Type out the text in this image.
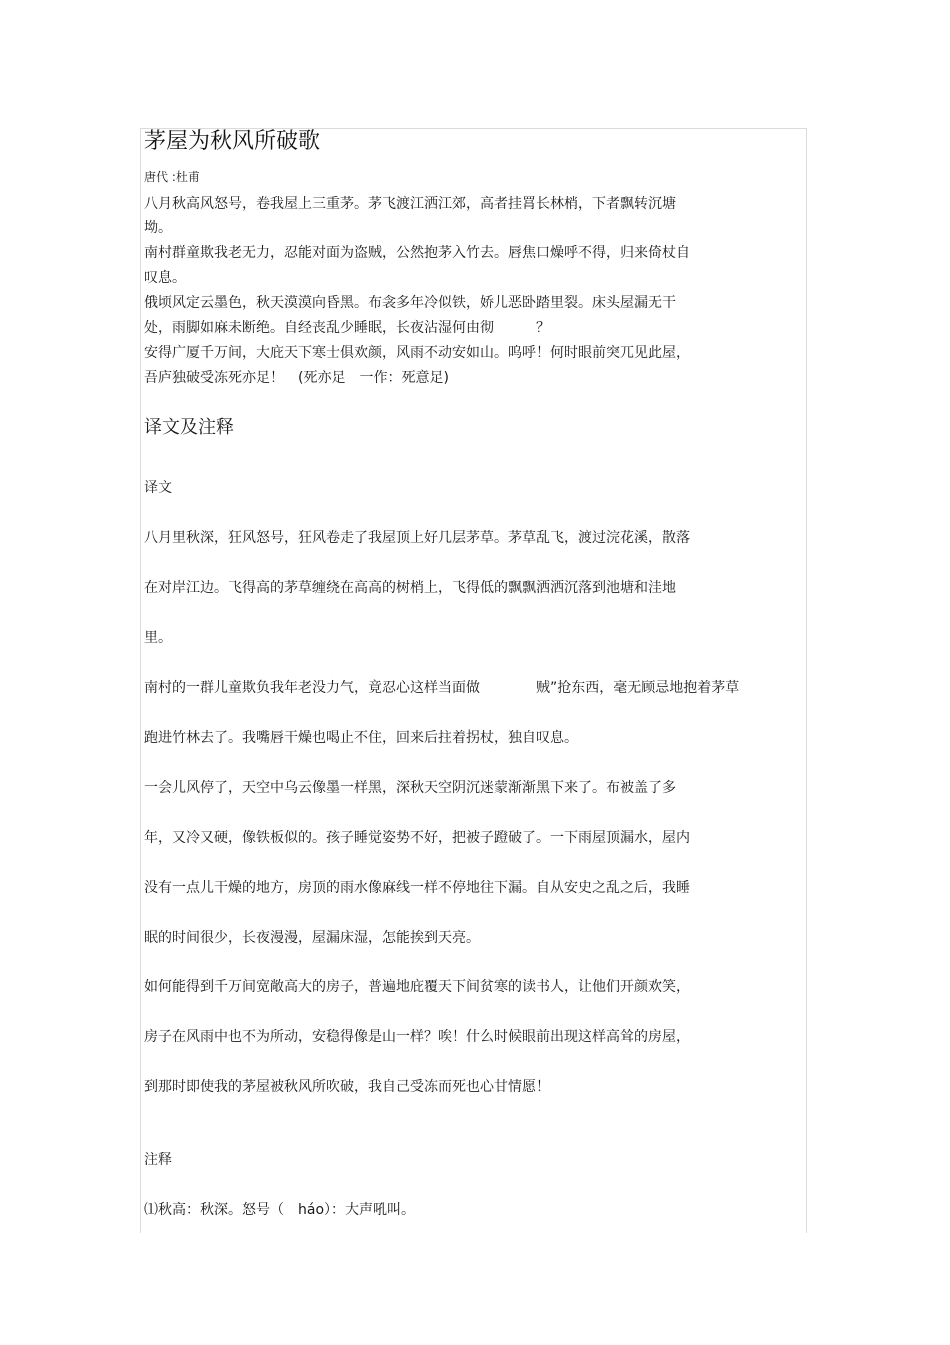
茅屋为秋风所破歌
唐代 :杜甫
八月秋高风怒号，卷我屋上三重茅。茅飞渡江洒江郊，高者挂罥长林梢，下者飘转沉塘
坳。
南村群童欺我老无力，忍能对面为盗贼，公然抱茅入竹去。唇焦口燥呼不得，归来倚杖自
叹息。
俄顷风定云墨色，秋天漠漠向昏黑。布衾多年冷似铁，娇儿恶卧踏里裂。床头屋漏无干
处，雨脚如麻未断绝。自经丧乱少睡眠，长夜沾湿何由彻　　　？
安得广厦千万间，大庇天下寒士俱欢颜，风雨不动安如山。呜呼！何时眼前突兀见此屋，
吾庐独破受冻死亦足！　(死亦足　一作：死意足)
译文及注释
译文
八月里秋深，狂风怒号，狂风卷走了我屋顶上好几层茅草。茅草乱飞，渡过浣花溪，散落
在对岸江边。飞得高的茅草缠绕在高高的树梢上，飞得低的飘飘洒洒沉落到池塘和洼地
里。
南村的一群儿童欺负我年老没力气，竟忍心这样当面做　　　　贼”抢东西，毫无顾忌地抱着茅草
跑进竹林去了。我嘴唇干燥也喝止不住，回来后拄着拐杖，独自叹息。
一会儿风停了，天空中乌云像墨一样黑，深秋天空阴沉迷蒙渐渐黑下来了。布被盖了多
年，又冷又硬，像铁板似的。孩子睡觉姿势不好，把被子蹬破了。一下雨屋顶漏水，屋内
没有一点儿干燥的地方，房顶的雨水像麻线一样不停地往下漏。自从安史之乱之后，我睡
眠的时间很少，长夜漫漫，屋漏床湿，怎能挨到天亮。
如何能得到千万间宽敞高大的房子，普遍地庇覆天下间贫寒的读书人，让他们开颜欢笑，
房子在风雨中也不为所动，安稳得像是山一样？唉！什么时候眼前出现这样高耸的房屋，
到那时即使我的茅屋被秋风所吹破，我自己受冻而死也心甘情愿！
注释
⑴秋高：秋深。怒号（　háo）：大声吼叫。
